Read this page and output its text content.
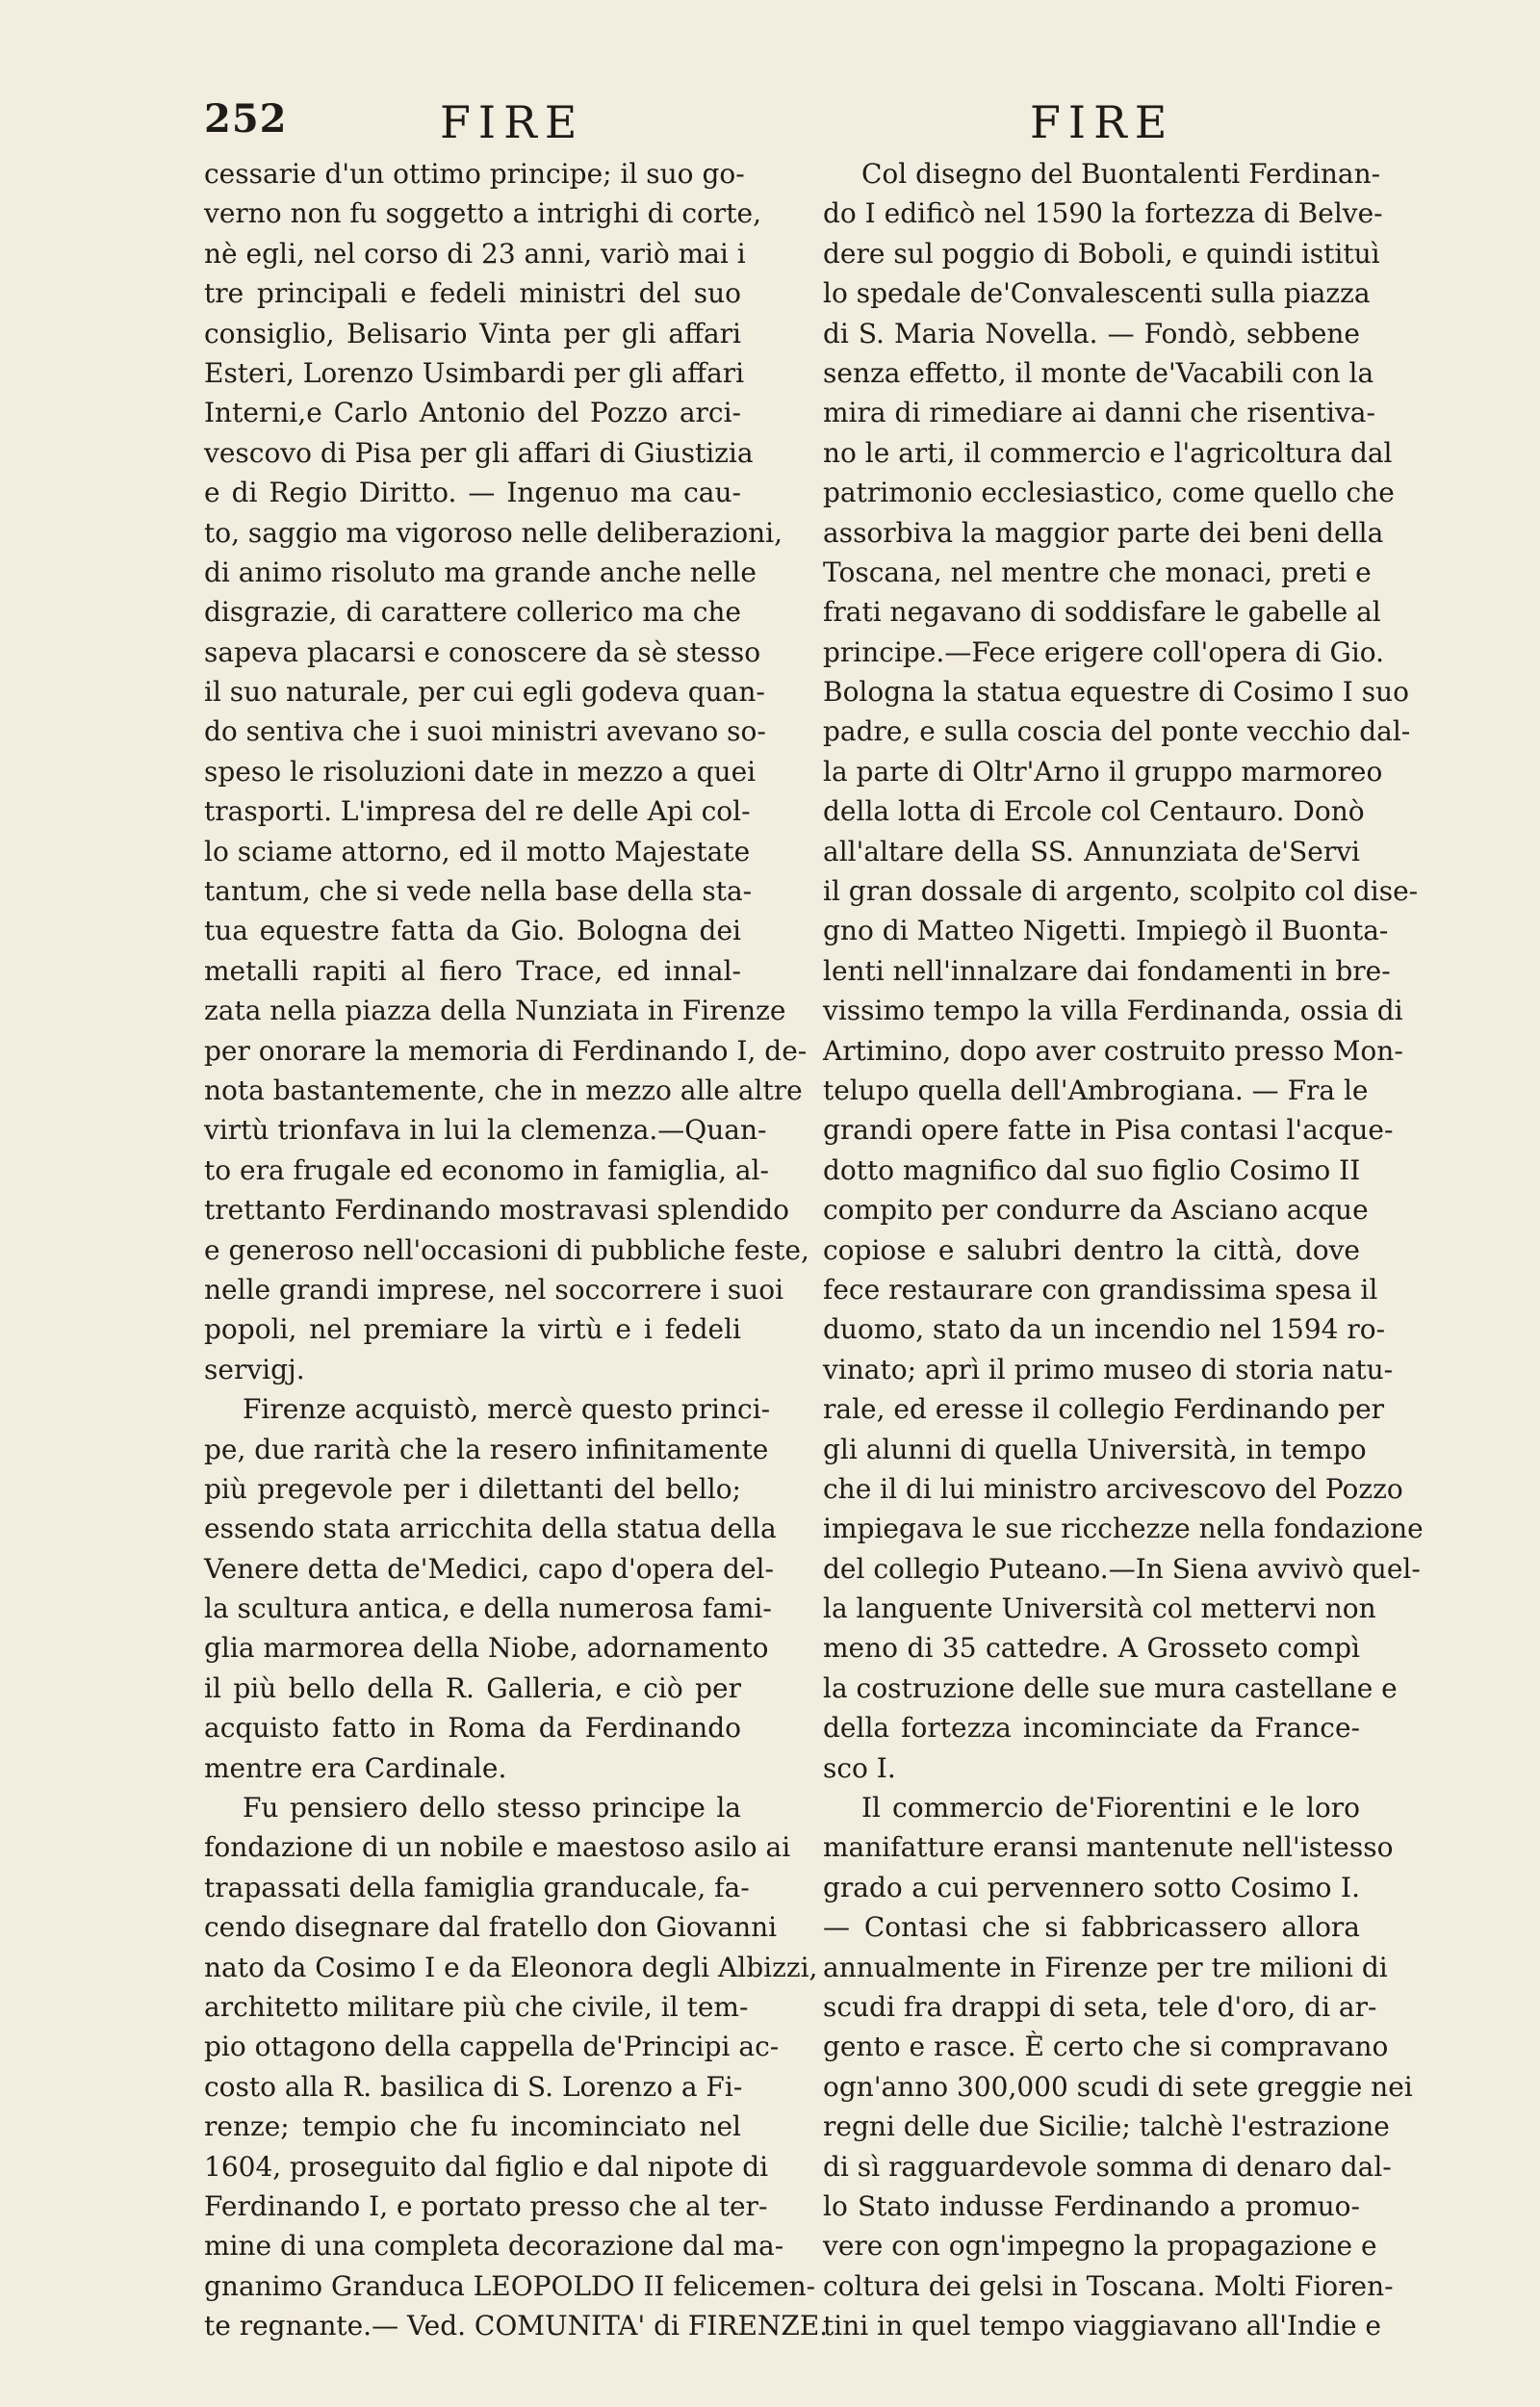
252	FIRE	FIRE
cessarie d'un ottimo principe; il suo go-
verno non fu soggetto a intrighi di corte,
nè egli, nel corso di 23 anni, variò mai i
tre principali e fedeli ministri del suo
consiglio, Belisario Vinta per gli affari
Esteri, Lorenzo Usimbardi per gli affari
Interni,e Carlo Antonio del Pozzo arci-
vescovo di Pisa per gli affari di Giustizia
e di Regio Diritto. — Ingenuo ma cau-
to, saggio ma vigoroso nelle deliberazioni,
di animo risoluto ma grande anche nelle
disgrazie, di carattere collerico ma che
sapeva placarsi e conoscere da sè stesso
il suo naturale, per cui egli godeva quan-
do sentiva che i suoi ministri avevano so-
speso le risoluzioni date in mezzo a quei
trasporti. L'impresa del re delle Api col-
lo sciame attorno, ed il motto Majestate
tantum, che si vede nella base della sta-
tua equestre fatta da Gio. Bologna dei
metalli rapiti al fiero Trace, ed innal-
zata nella piazza della Nunziata in Firenze
per onorare la memoria di Ferdinando I, de-
nota bastantemente, che in mezzo alle altre
virtù trionfava in lui la clemenza.—Quan-
to era frugale ed economo in famiglia, al-
trettanto Ferdinando mostravasi splendido
e generoso nell'occasioni di pubbliche feste,
nelle grandi imprese, nel soccorrere i suoi
popoli, nel premiare la virtù e i fedeli
servigj.
Firenze acquistò, mercè questo princi-
pe, due rarità che la resero infinitamente
più pregevole per i dilettanti del bello;
essendo stata arricchita della statua della
Venere detta de'Medici, capo d'opera del-
la scultura antica, e della numerosa fami-
glia marmorea della Niobe, adornamento
il più bello della R. Galleria, e ciò per
acquisto fatto in Roma da Ferdinando
mentre era Cardinale.
Fu pensiero dello stesso principe la
fondazione di un nobile e maestoso asilo ai
trapassati della famiglia granducale, fa-
cendo disegnare dal fratello don Giovanni
nato da Cosimo I e da Eleonora degli Albizzi,
architetto militare più che civile, il tem-
pio ottagono della cappella de'Principi ac-
costo alla R. basilica di S. Lorenzo a Fi-
renze; tempio che fu incominciato nel
1604, proseguito dal figlio e dal nipote di
Ferdinando I, e portato presso che al ter-
mine di una completa decorazione dal ma-
gnanimo Granduca LEOPOLDO II felicemen-
te regnante.— Ved. COMUNITA' di FIRENZE.
Col disegno del Buontalenti Ferdinan-
do I edificò nel 1590 la fortezza di Belve-
dere sul poggio di Boboli, e quindi istituì
lo spedale de'Convalescenti sulla piazza
di S. Maria Novella. — Fondò, sebbene
senza effetto, il monte de'Vacabili con la
mira di rimediare ai danni che risentiva-
no le arti, il commercio e l'agricoltura dal
patrimonio ecclesiastico, come quello che
assorbiva la maggior parte dei beni della
Toscana, nel mentre che monaci, preti e
frati negavano di soddisfare le gabelle al
principe.—Fece erigere coll'opera di Gio.
Bologna la statua equestre di Cosimo I suo
padre, e sulla coscia del ponte vecchio dal-
la parte di Oltr'Arno il gruppo marmoreo
della lotta di Ercole col Centauro. Donò
all'altare della SS. Annunziata de'Servi
il gran dossale di argento, scolpito col dise-
gno di Matteo Nigetti. Impiegò il Buonta-
lenti nell'innalzare dai fondamenti in bre-
vissimo tempo la villa Ferdinanda, ossia di
Artimino, dopo aver costruito presso Mon-
telupo quella dell'Ambrogiana. — Fra le
grandi opere fatte in Pisa contasi l'acque-
dotto magnifico dal suo figlio Cosimo II
compito per condurre da Asciano acque
copiose e salubri dentro la città, dove
fece restaurare con grandissima spesa il
duomo, stato da un incendio nel 1594 ro-
vinato; aprì il primo museo di storia natu-
rale, ed eresse il collegio Ferdinando per
gli alunni di quella Università, in tempo
che il di lui ministro arcivescovo del Pozzo
impiegava le sue ricchezze nella fondazione
del collegio Puteano.—In Siena avvivò quel-
la languente Università col mettervi non
meno di 35 cattedre. A Grosseto compì
la costruzione delle sue mura castellane e
della fortezza incominciate da France-
sco I.
Il commercio de'Fiorentini e le loro
manifatture eransi mantenute nell'istesso
grado a cui pervennero sotto Cosimo I.
— Contasi che si fabbricassero allora
annualmente in Firenze per tre milioni di
scudi fra drappi di seta, tele d'oro, di ar-
gento e rasce. È certo che si compravano
ogn'anno 300,000 scudi di sete greggie nei
regni delle due Sicilie; talchè l'estrazione
di sì ragguardevole somma di denaro dal-
lo Stato indusse Ferdinando a promuo-
vere con ogn'impegno la propagazione e
coltura dei gelsi in Toscana. Molti Fioren-
tini in quel tempo viaggiavano all'Indie e
